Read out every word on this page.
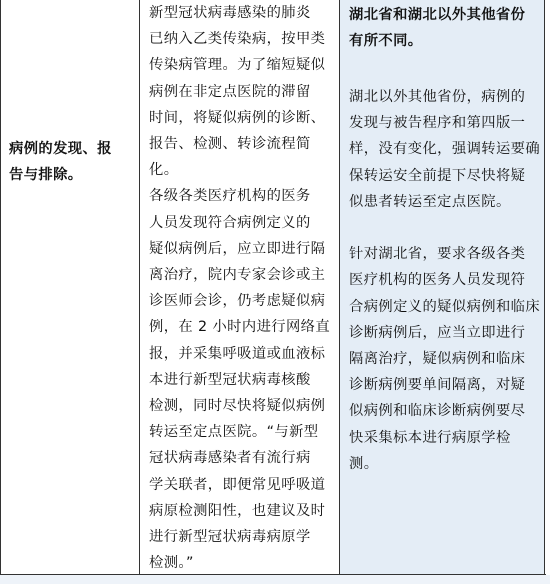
病例的发现、报
告与排除。

新型冠状病毒感染的肺炎
已纳入乙类传染病，按甲类
传染病管理。为了缩短疑似
病例在非定点医院的滞留
时间，将疑似病例的诊断、
报告、检测、转诊流程简化。
各级各类医疗机构的医务
人员发现符合病例定义的
疑似病例后，应立即进行隔
离治疗，院内专家会诊或主
诊医师会诊，仍考虑疑似病
例，在 2 小时内进行网络直
报，并采集呼吸道或血液标
本进行新型冠状病毒核酸
检测，同时尽快将疑似病例
转运至定点医院。“与新型
冠状病毒感染者有流行病
学关联者，即便常见呼吸道
病原检测阳性，也建议及时
进行新型冠状病毒病原学
检测。”

湖北省和湖北以外其他省份
有所不同。

湖北以外其他省份，病例的
发现与被告程序和第四版一
样，没有变化，强调转运要确
保转运安全前提下尽快将疑
似患者转运至定点医院。

针对湖北省，要求各级各类
医疗机构的医务人员发现符
合病例定义的疑似病例和临床
诊断病例后，应当立即进行
隔离治疗，疑似病例和临床
诊断病例要单间隔离，对疑
似病例和临床诊断病例要尽
快采集标本进行病原学检
测。
